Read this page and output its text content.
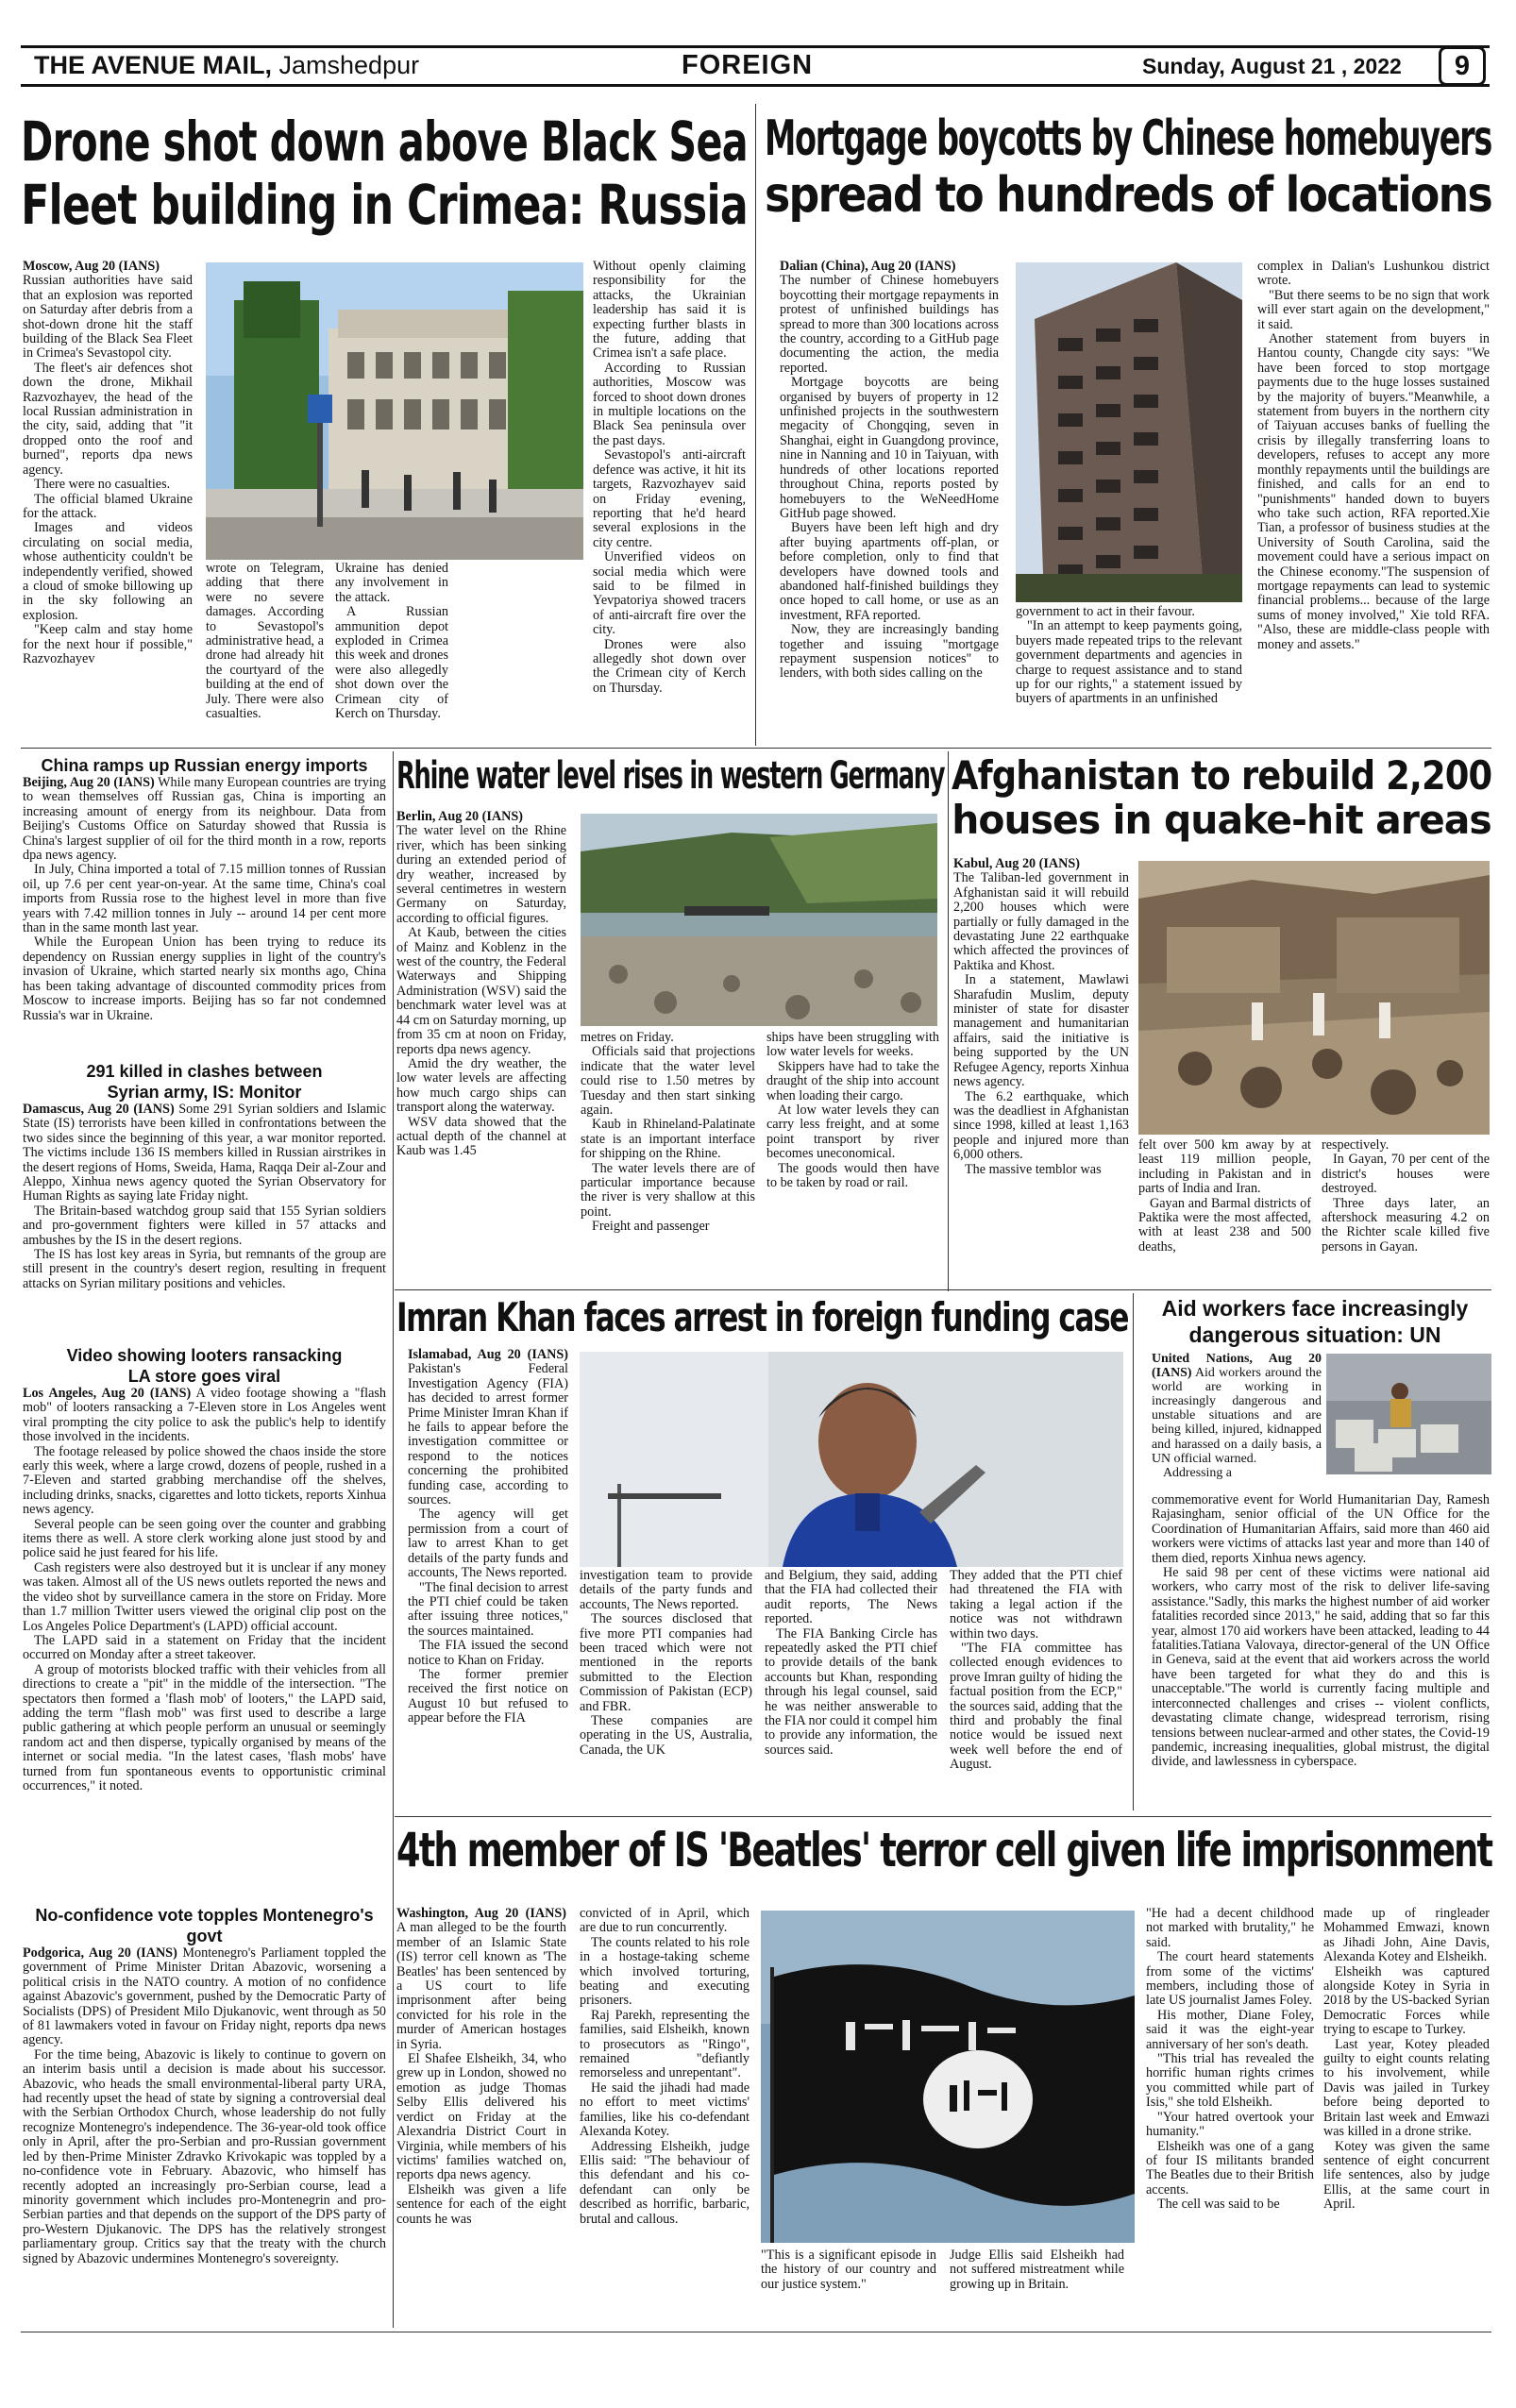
THE AVENUE MAIL, Jamshedpur	FOREIGN	Sunday, August 21 , 2022	9
Drone shot down above Black Sea
Fleet building in Crimea: Russia

Moscow, Aug 20 (IANS)
Russian authorities have said that an explosion was reported on Saturday after debris from a shot-down drone hit the staff building of the Black Sea Fleet in Crimea's Sevastopol city.

The fleet's air defences shot down the drone, Mikhail Razvozhayev, the head of the local Russian administration in the city, said, adding that "it dropped onto the roof and burned", reports dpa news agency.

There were no casualties.

The official blamed Ukraine for the attack.

Images and videos circulating on social media, whose authenticity couldn't be independently verified, showed a cloud of smoke billowing up in the sky following an explosion.

"Keep calm and stay home for the next hour if possible," Razvozhayev

wrote on Telegram, adding that there were no severe damages. According to Sevastopol's administrative head, a drone had already hit the courtyard of the building at the end of July. There were also casualties.

Ukraine has denied any involvement in the attack.

A Russian ammunition depot exploded in Crimea this week and drones were also allegedly shot down over the Crimean city of Kerch on Thursday.

Without openly claiming responsibility for the attacks, the Ukrainian leadership has said it is expecting further blasts in the future, adding that Crimea isn't a safe place.

According to Russian authorities, Moscow was forced to shoot down drones in multiple locations on the Black Sea peninsula over the past days.

Sevastopol's anti-aircraft defence was active, it hit its targets, Razvozhayev said on Friday evening, reporting that he'd heard several explosions in the city centre.

Unverified videos on social media which were said to be filmed in Yevpatoriya showed tracers of anti-aircraft fire over the city.

Drones were also allegedly shot down over the Crimean city of Kerch on Thursday.

Mortgage boycotts by Chinese homebuyers
spread to hundreds of locations

Dalian (China), Aug 20 (IANS)
The number of Chinese homebuyers boycotting their mortgage repayments in protest of unfinished buildings has spread to more than 300 locations across the country, according to a GitHub page documenting the action, the media reported.

Mortgage boycotts are being organised by buyers of property in 12 unfinished projects in the southwestern megacity of Chongqing, seven in Shanghai, eight in Guangdong province, nine in Nanning and 10 in Taiyuan, with hundreds of other locations reported throughout China, reports posted by homebuyers to the WeNeedHome GitHub page showed.

Buyers have been left high and dry after buying apartments off-plan, or before completion, only to find that developers have downed tools and abandoned half-finished buildings they once hoped to call home, or use as an investment, RFA reported.

Now, they are increasingly banding together and issuing "mortgage repayment suspension notices" to lenders, with both sides calling on the

government to act in their favour.

"In an attempt to keep payments going, buyers made repeated trips to the relevant government departments and agencies in charge to request assistance and to stand up for our rights," a statement issued by buyers of apartments in an unfinished

complex in Dalian's Lushunkou district wrote.

"But there seems to be no sign that work will ever start again on the development," it said.

Another statement from buyers in Hantou county, Changde city says: "We have been forced to stop mortgage payments due to the huge losses sustained by the majority of buyers."Meanwhile, a statement from buyers in the northern city of Taiyuan accuses banks of fuelling the crisis by illegally transferring loans to developers, refuses to accept any more monthly repayments until the buildings are finished, and calls for an end to "punishments" handed down to buyers who take such action, RFA reported.Xie Tian, a professor of business studies at the University of South Carolina, said the movement could have a serious impact on the Chinese economy."The suspension of mortgage repayments can lead to systemic financial problems... because of the large sums of money involved," Xie told RFA. "Also, these are middle-class people with money and assets."

China ramps up Russian energy imports

Beijing, Aug 20 (IANS) While many European countries are trying to wean themselves off Russian gas, China is importing an increasing amount of energy from its neighbour. Data from Beijing's Customs Office on Saturday showed that Russia is China's largest supplier of oil for the third month in a row, reports dpa news agency.

In July, China imported a total of 7.15 million tonnes of Russian oil, up 7.6 per cent year-on-year. At the same time, China's coal imports from Russia rose to the highest level in more than five years with 7.42 million tonnes in July -- around 14 per cent more than in the same month last year.

While the European Union has been trying to reduce its dependency on Russian energy supplies in light of the country's invasion of Ukraine, which started nearly six months ago, China has been taking advantage of discounted commodity prices from Moscow to increase imports. Beijing has so far not condemned Russia's war in Ukraine.

291 killed in clashes between
Syrian army, IS: Monitor

Damascus, Aug 20 (IANS) Some 291 Syrian soldiers and Islamic State (IS) terrorists have been killed in confrontations between the two sides since the beginning of this year, a war monitor reported. The victims include 136 IS members killed in Russian airstrikes in the desert regions of Homs, Sweida, Hama, Raqqa Deir al-Zour and Aleppo, Xinhua news agency quoted the Syrian Observatory for Human Rights as saying late Friday night.

The Britain-based watchdog group said that 155 Syrian soldiers and pro-government fighters were killed in 57 attacks and ambushes by the IS in the desert regions.

The IS has lost key areas in Syria, but remnants of the group are still present in the country's desert region, resulting in frequent attacks on Syrian military positions and vehicles.

Video showing looters ransacking
LA store goes viral

Los Angeles, Aug 20 (IANS) A video footage showing a "flash mob" of looters ransacking a 7-Eleven store in Los Angeles went viral prompting the city police to ask the public's help to identify those involved in the incidents.

The footage released by police showed the chaos inside the store early this week, where a large crowd, dozens of people, rushed in a 7-Eleven and started grabbing merchandise off the shelves, including drinks, snacks, cigarettes and lotto tickets, reports Xinhua news agency.

Several people can be seen going over the counter and grabbing items there as well. A store clerk working alone just stood by and police said he just feared for his life.

Cash registers were also destroyed but it is unclear if any money was taken. Almost all of the US news outlets reported the news and the video shot by surveillance camera in the store on Friday. More than 1.7 million Twitter users viewed the original clip post on the Los Angeles Police Department's (LAPD) official account.

The LAPD said in a statement on Friday that the incident occurred on Monday after a street takeover.

A group of motorists blocked traffic with their vehicles from all directions to create a "pit" in the middle of the intersection. "The spectators then formed a 'flash mob' of looters," the LAPD said, adding the term "flash mob" was first used to describe a large public gathering at which people perform an unusual or seemingly random act and then disperse, typically organised by means of the internet or social media. "In the latest cases, 'flash mobs' have turned from fun spontaneous events to opportunistic criminal occurrences," it noted.

No-confidence vote topples Montenegro's govt

Podgorica, Aug 20 (IANS) Montenegro's Parliament toppled the government of Prime Minister Dritan Abazovic, worsening a political crisis in the NATO country. A motion of no confidence against Abazovic's government, pushed by the Democratic Party of Socialists (DPS) of President Milo Djukanovic, went through as 50 of 81 lawmakers voted in favour on Friday night, reports dpa news agency.

For the time being, Abazovic is likely to continue to govern on an interim basis until a decision is made about his successor. Abazovic, who heads the small environmental-liberal party URA, had recently upset the head of state by signing a controversial deal with the Serbian Orthodox Church, whose leadership do not fully recognize Montenegro's independence. The 36-year-old took office only in April, after the pro-Serbian and pro-Russian government led by then-Prime Minister Zdravko Krivokapic was toppled by a no-confidence vote in February. Abazovic, who himself has recently adopted an increasingly pro-Serbian course, lead a minority government which includes pro-Montenegrin and pro-Serbian parties and that depends on the support of the DPS party of pro-Western Djukanovic. The DPS has the relatively strongest parliamentary group. Critics say that the treaty with the church signed by Abazovic undermines Montenegro's sovereignty.

Rhine water level rises in western Germany

Berlin, Aug 20 (IANS)
The water level on the Rhine river, which has been sinking during an extended period of dry weather, increased by several centimetres in western Germany on Saturday, according to official figures.

At Kaub, between the cities of Mainz and Koblenz in the west of the country, the Federal Waterways and Shipping Administration (WSV) said the benchmark water level was at 44 cm on Saturday morning, up from 35 cm at noon on Friday, reports dpa news agency.

Amid the dry weather, the low water levels are affecting how much cargo ships can transport along the waterway.

WSV data showed that the actual depth of the channel at Kaub was 1.45

metres on Friday.

Officials said that projections indicate that the water level could rise to 1.50 metres by Tuesday and then start sinking again.

Kaub in Rhineland-Palatinate state is an important interface for shipping on the Rhine.

The water levels there are of particular importance because the river is very shallow at this point.

Freight and passenger

ships have been struggling with low water levels for weeks.

Skippers have had to take the draught of the ship into account when loading their cargo.

At low water levels they can carry less freight, and at some point transport by river becomes uneconomical.

The goods would then have to be taken by road or rail.

Afghanistan to rebuild 2,200
houses in quake-hit areas

Kabul, Aug 20 (IANS)
The Taliban-led government in Afghanistan said it will rebuild 2,200 houses which were partially or fully damaged in the devastating June 22 earthquake which affected the provinces of Paktika and Khost.

In a statement, Mawlawi Sharafudin Muslim, deputy minister of state for disaster management and humanitarian affairs, said the initiative is being supported by the UN Refugee Agency, reports Xinhua news agency.

The 6.2 earthquake, which was the deadliest in Afghanistan since 1998, killed at least 1,163 people and injured more than 6,000 others.

The massive temblor was

felt over 500 km away by at least 119 million people, including in Pakistan and in parts of India and Iran.

Gayan and Barmal districts of Paktika were the most affected, with at least 238 and 500 deaths,

respectively.

In Gayan, 70 per cent of the district's houses were destroyed.

Three days later, an aftershock measuring 4.2 on the Richter scale killed five persons in Gayan.

Imran Khan faces arrest in foreign funding case

Islamabad, Aug 20 (IANS) Pakistan's Federal Investigation Agency (FIA) has decided to arrest former Prime Minister Imran Khan if he fails to appear before the investigation committee or respond to the notices concerning the prohibited funding case, according to sources.

The agency will get permission from a court of law to arrest Khan to get details of the party funds and accounts, The News reported.

"The final decision to arrest the PTI chief could be taken after issuing three notices," the sources maintained.

The FIA issued the second notice to Khan on Friday.

The former premier received the first notice on August 10 but refused to appear before the FIA

investigation team to provide details of the party funds and accounts, The News reported.

The sources disclosed that five more PTI companies had been traced which were not mentioned in the reports submitted to the Election Commission of Pakistan (ECP) and FBR.

These companies are operating in the US, Australia, Canada, the UK

and Belgium, they said, adding that the FIA had collected their audit reports, The News reported.

The FIA Banking Circle has repeatedly asked the PTI chief to provide details of the bank accounts but Khan, responding through his legal counsel, said he was neither answerable to the FIA nor could it compel him to provide any information, the sources said.

They added that the PTI chief had threatened the FIA with taking a legal action if the notice was not withdrawn within two days.

"The FIA committee has collected enough evidences to prove Imran guilty of hiding the factual position from the ECP," the sources said, adding that the third and probably the final notice would be issued next week well before the end of August.

Aid workers face increasingly
dangerous situation: UN

United Nations, Aug 20 (IANS) Aid workers around the world are working in increasingly dangerous and unstable situations and are being killed, injured, kidnapped and harassed on a daily basis, a UN official warned.

Addressing a

commemorative event for World Humanitarian Day, Ramesh Rajasingham, senior official of the UN Office for the Coordination of Humanitarian Affairs, said more than 460 aid workers were victims of attacks last year and more than 140 of them died, reports Xinhua news agency.

He said 98 per cent of these victims were national aid workers, who carry most of the risk to deliver life-saving assistance."Sadly, this marks the highest number of aid worker fatalities recorded since 2013," he said, adding that so far this year, almost 170 aid workers have been attacked, leading to 44 fatalities.Tatiana Valovaya, director-general of the UN Office in Geneva, said at the event that aid workers across the world have been targeted for what they do and this is unacceptable."The world is currently facing multiple and interconnected challenges and crises -- violent conflicts, devastating climate change, widespread terrorism, rising tensions between nuclear-armed and other states, the Covid-19 pandemic, increasing inequalities, global mistrust, the digital divide, and lawlessness in cyberspace.

4th member of IS 'Beatles' terror cell given life imprisonment

Washington, Aug 20 (IANS) A man alleged to be the fourth member of an Islamic State (IS) terror cell known as 'The Beatles' has been sentenced by a US court to life imprisonment after being convicted for his role in the murder of American hostages in Syria.

El Shafee Elsheikh, 34, who grew up in London, showed no emotion as judge Thomas Selby Ellis delivered his verdict on Friday at the Alexandria District Court in Virginia, while members of his victims' families watched on, reports dpa news agency.

Elsheikh was given a life sentence for each of the eight counts he was

convicted of in April, which are due to run concurrently.

The counts related to his role in a hostage-taking scheme which involved torturing, beating and executing prisoners.

Raj Parekh, representing the families, said Elsheikh, known to prosecutors as "Ringo", remained "defiantly remorseless and unrepentant".

He said the jihadi had made no effort to meet victims' families, like his co-defendant Alexanda Kotey.

Addressing Elsheikh, judge Ellis said: "The behaviour of this defendant and his co-defendant can only be described as horrific, barbaric, brutal and callous.

"This is a significant episode in the history of our country and our justice system."

Judge Ellis said Elsheikh had not suffered mistreatment while growing up in Britain.

"He had a decent childhood not marked with brutality," he said.

The court heard statements from some of the victims' members, including those of late US journalist James Foley.

His mother, Diane Foley, said it was the eight-year anniversary of her son's death.

"This trial has revealed the horrific human rights crimes you committed while part of Isis," she told Elsheikh.

"Your hatred overtook your humanity."

Elsheikh was one of a gang of four IS militants branded The Beatles due to their British accents.

The cell was said to be

made up of ringleader Mohammed Emwazi, known as Jihadi John, Aine Davis, Alexanda Kotey and Elsheikh.

Elsheikh was captured alongside Kotey in Syria in 2018 by the US-backed Syrian Democratic Forces while trying to escape to Turkey.

Last year, Kotey pleaded guilty to eight counts relating to his involvement, while Davis was jailed in Turkey before being deported to Britain last week and Emwazi was killed in a drone strike.

Kotey was given the same sentence of eight concurrent life sentences, also by judge Ellis, at the same court in April.
